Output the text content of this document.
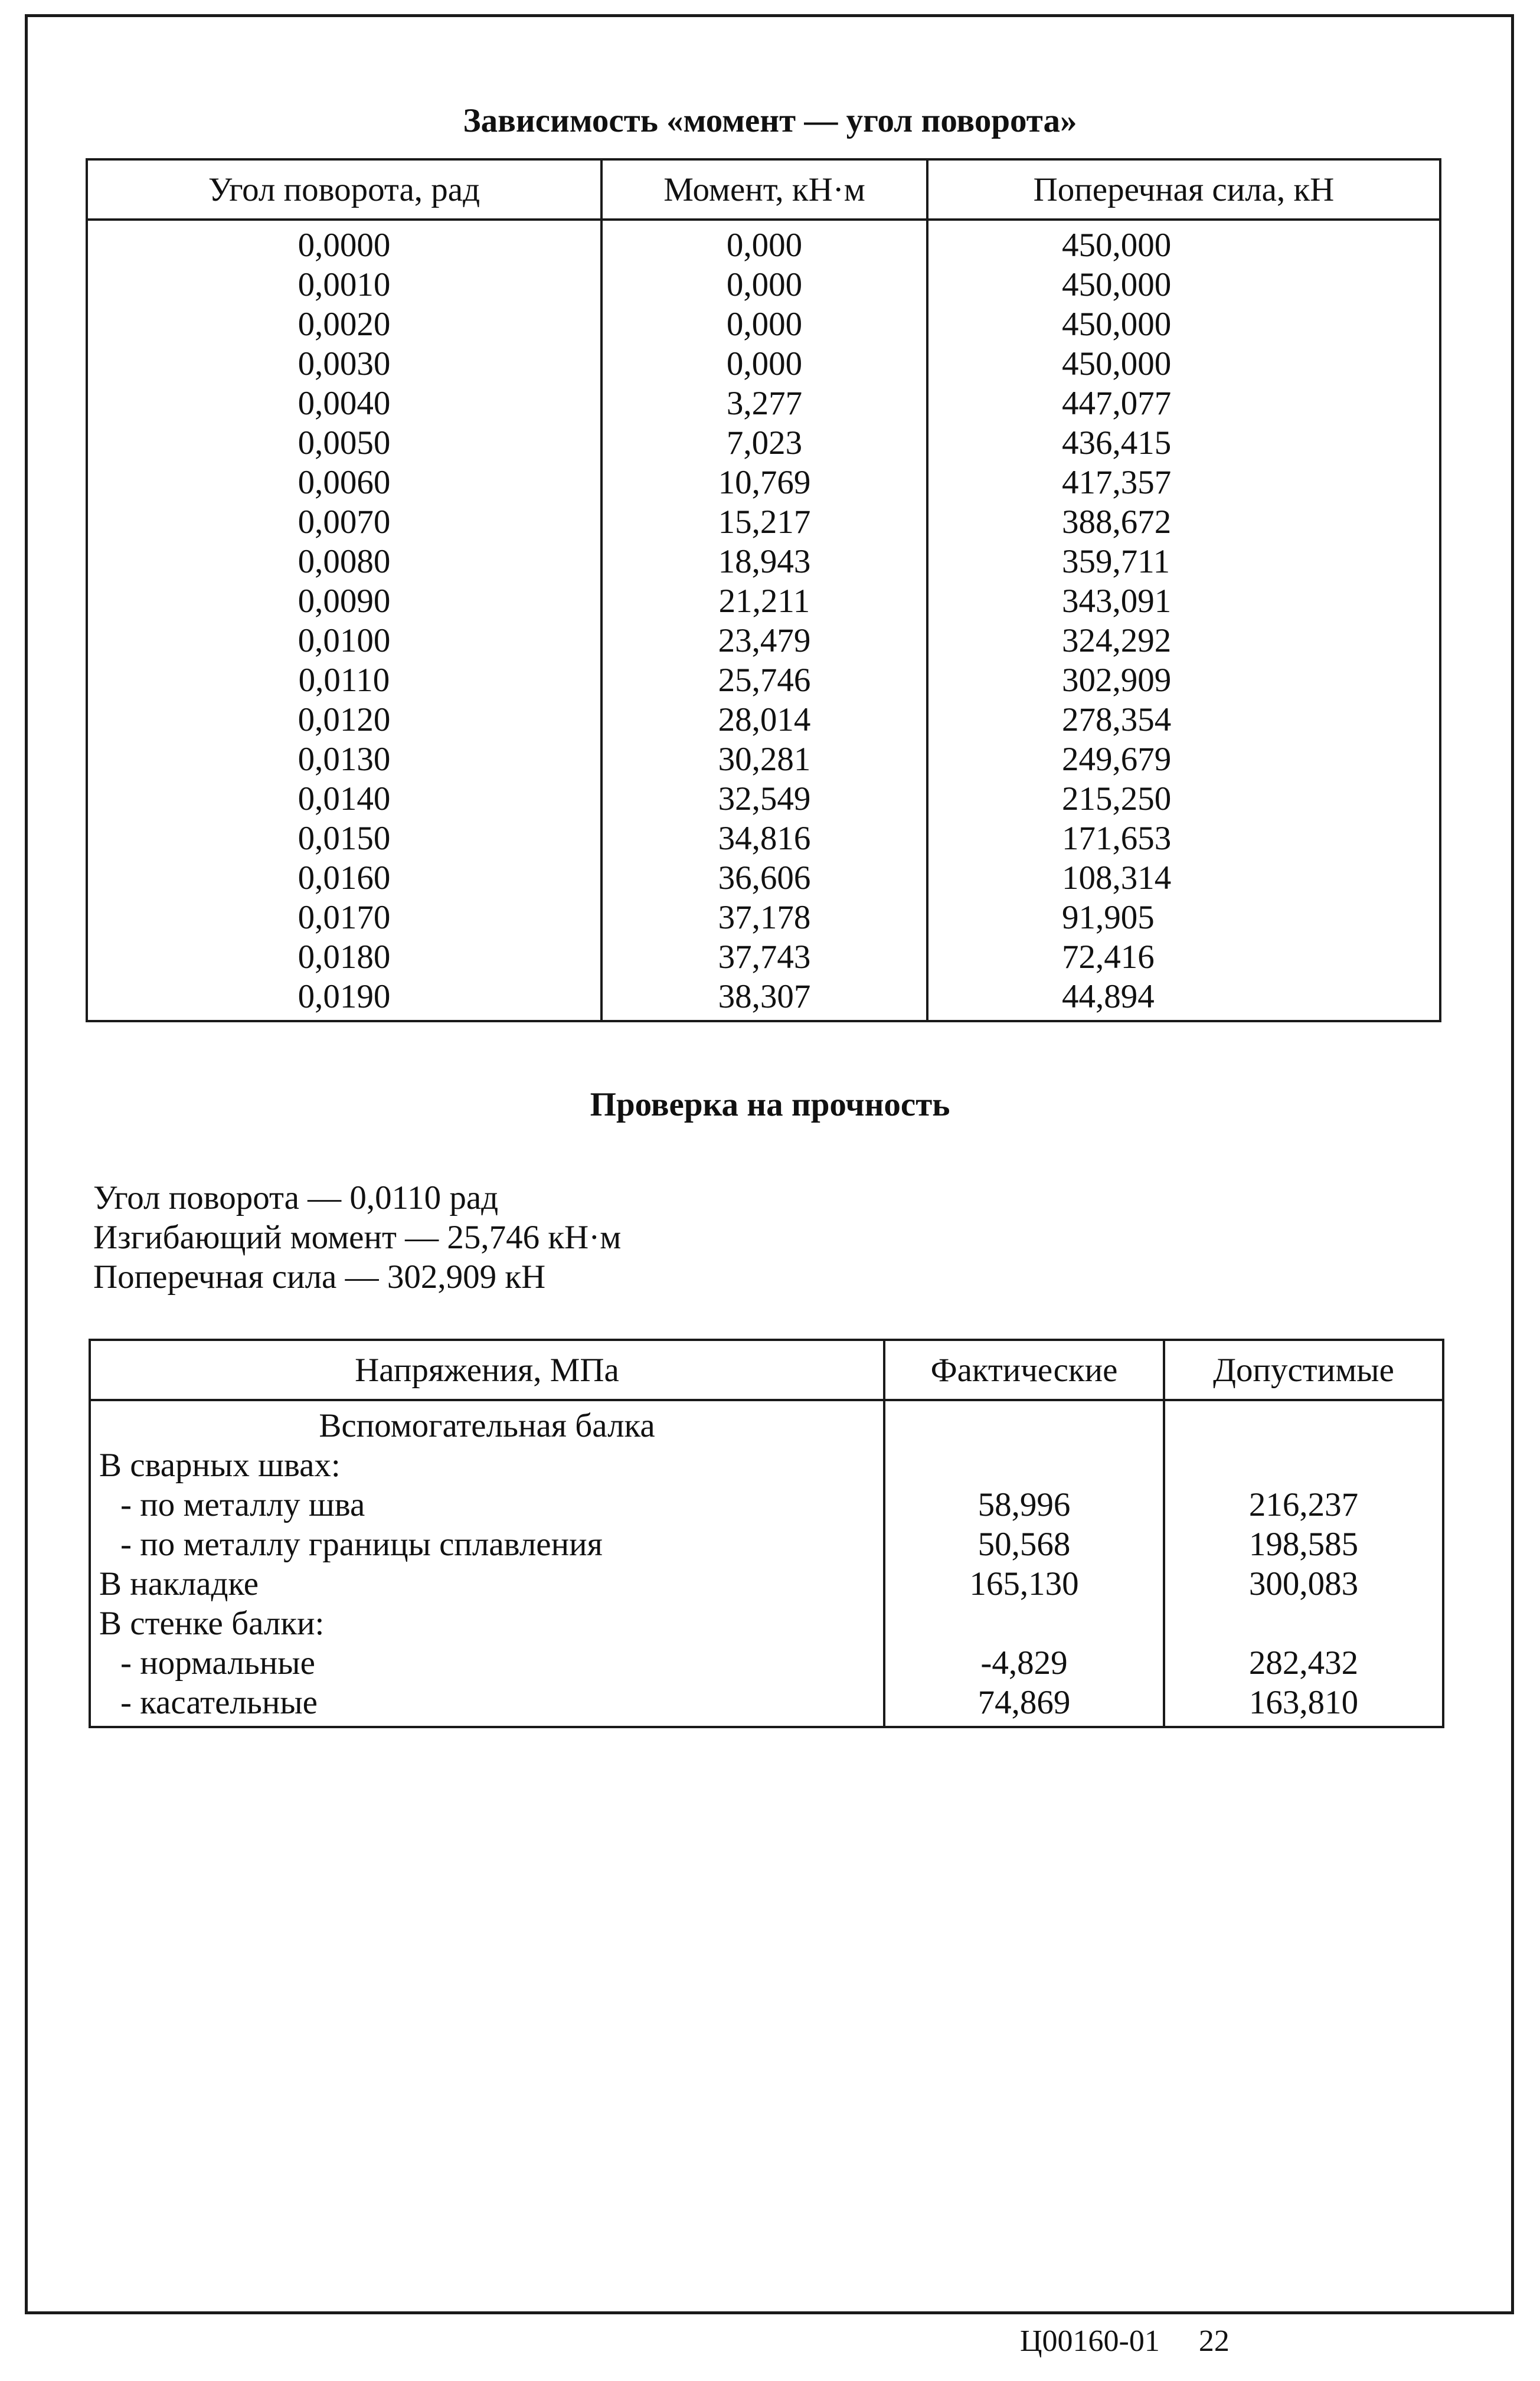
Зависимость «момент — угол поворота»
Угол поворота, рад	Момент, кН·м	Поперечная сила, кН
0,0000	0,000	450,000
0,0010	0,000	450,000
0,0020	0,000	450,000
0,0030	0,000	450,000
0,0040	3,277	447,077
0,0050	7,023	436,415
0,0060	10,769	417,357
0,0070	15,217	388,672
0,0080	18,943	359,711
0,0090	21,211	343,091
0,0100	23,479	324,292
0,0110	25,746	302,909
0,0120	28,014	278,354
0,0130	30,281	249,679
0,0140	32,549	215,250
0,0150	34,816	171,653
0,0160	36,606	108,314
0,0170	37,178	91,905
0,0180	37,743	72,416
0,0190	38,307	44,894
Проверка на прочность
Угол поворота — 0,0110 рад
Изгибающий момент — 25,746 кН·м
Поперечная сила — 302,909 кН
Напряжения, МПа	Фактические	Допустимые
Вспомогательная балка		
В сварных швах:		
- по металлу шва	58,996	216,237
- по металлу границы сплавления	50,568	198,585
В накладке	165,130	300,083
В стенке балки:		
- нормальные	-4,829	282,432
- касательные	74,869	163,810
Ц00160-01 22
